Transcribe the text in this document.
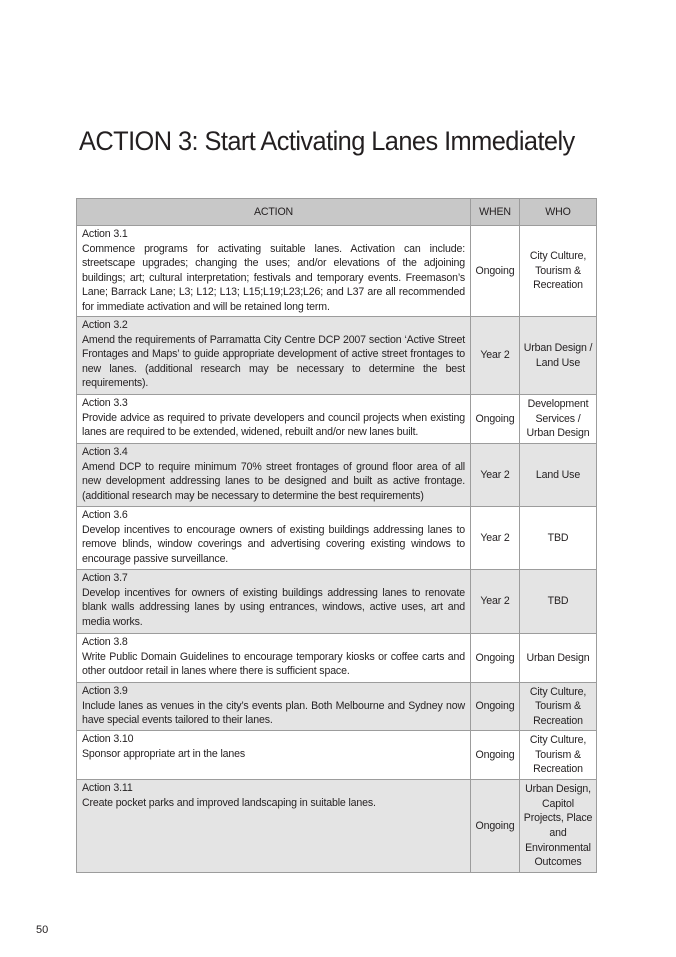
ACTION 3: Start Activating Lanes Immediately
ACTION	WHEN	WHO

Action 3.1
Commence programs for activating suitable lanes. Activation can include: streetscape upgrades; changing the uses; and/or elevations of the adjoining buildings; art; cultural interpretation; festivals and temporary events. Freemason’s Lane; Barrack Lane; L3; L12; L13; L15;L19;L23;L26; and L37 are all recommended for immediate activation and will be retained long term.	Ongoing	City Culture, Tourism & Recreation

Action 3.2
Amend the requirements of Parramatta City Centre DCP 2007 section ‘Active Street Frontages and Maps’ to guide appropriate development of active street frontages to new lanes. (additional research may be necessary to determine the best requirements).	Year 2	Urban Design / Land Use

Action 3.3
Provide advice as required to private developers and council projects when existing lanes are required to be extended, widened, rebuilt and/or new lanes built.	Ongoing	Development Services / Urban Design

Action 3.4
Amend DCP to require minimum 70% street frontages of ground ﬂoor area of all new development addressing lanes to be designed and built as active frontage. (additional research may be necessary to determine the best requirements)	Year 2	Land Use

Action 3.6
Develop incentives to encourage owners of existing buildings addressing lanes to remove blinds, window coverings and advertising covering existing windows to encourage passive surveillance.	Year 2	TBD

Action 3.7
Develop incentives for owners of existing buildings addressing lanes to renovate blank walls addressing lanes by using entrances, windows, active uses, art and media works.	Year 2	TBD

Action 3.8
Write Public Domain Guidelines to encourage temporary kiosks or coffee carts and other outdoor retail in lanes where there is sufﬁcient space.	Ongoing	Urban Design

Action 3.9
Include lanes as venues in the city’s events plan. Both Melbourne and Sydney now have special events tailored to their lanes.	Ongoing	City Culture, Tourism & Recreation

Action 3.10
Sponsor appropriate art in the lanes	Ongoing	City Culture, Tourism & Recreation

Action 3.11
Create pocket parks and improved landscaping in suitable lanes.	Ongoing	Urban Design, Capitol Projects, Place and Environmental Outcomes
50
